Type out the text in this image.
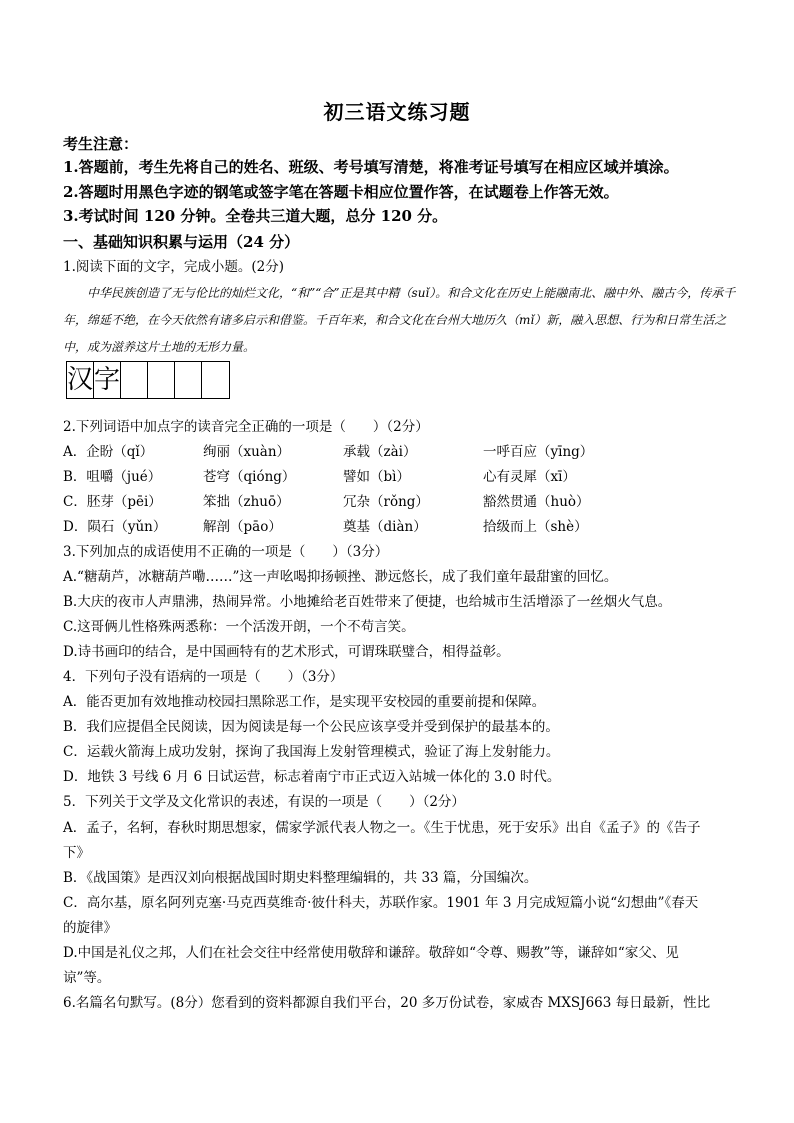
初三语文练习题
考生注意：
1.答题前，考生先将自己的姓名、班级、考号填写清楚，将准考证号填写在相应区域并填涂。
2.答题时用黑色字迹的钢笔或签字笔在答题卡相应位置作答，在试题卷上作答无效。
3.考试时间 120 分钟。全卷共三道大题，总分 120 分。
一、基础知识积累与运用（24 分）
1.阅读下面的文字，完成小题。(2分)
中华民族创造了无与伦比的灿烂文化，“和”“合”正是其中精（suǐ）。和合文化在历史上能融南北、融中外、融古今，传承千年，绵延不绝，在今天依然有诸多启示和借鉴。千百年来，和合文化在台州大地历久（mǐ）新，融入思想、行为和日常生活之中，成为滋养这片土地的无形力量。
汉 字
2.下列词语中加点字的读音完全正确的一项是（　　）（2分）
A．企盼（qǐ）	绚丽（xuàn）	承载（zài）	一呼百应（yīng）
B．咀嚼（jué）	苍穹（qióng）	譬如（bì）	心有灵犀（xī）
C．胚芽（pēi）	笨拙（zhuō）	冗杂（rǒng）	豁然贯通（huò）
D．陨石（yǔn）	解剖（pāo）	奠基（diàn）	拾级而上（shè）
3.下列加点的成语使用不正确的一项是（　　）（3分）
A.“糖葫芦，冰糖葫芦嘞……”这一声吆喝抑扬顿挫、渺远悠长，成了我们童年最甜蜜的回忆。
B.大庆的夜市人声鼎沸，热闹异常。小地摊给老百姓带来了便捷，也给城市生活增添了一丝烟火气息。
C.这哥俩儿性格殊两悉称：一个活泼开朗，一个不苟言笑。
D.诗书画印的结合，是中国画特有的艺术形式，可谓珠联璧合，相得益彰。
4．下列句子没有语病的一项是（　　）（3分）
A．能否更加有效地推动校园扫黑除恶工作，是实现平安校园的重要前提和保障。
B．我们应提倡全民阅读，因为阅读是每一个公民应该享受并受到保护的最基本的。
C．运载火箭海上成功发射，探询了我国海上发射管理模式，验证了海上发射能力。
D．地铁 3 号线 6 月 6 日试运营，标志着南宁市正式迈入站城一体化的 3.0 时代。
5．下列关于文学及文化常识的表述，有误的一项是（　　）（2分）
A．孟子，名轲，春秋时期思想家，儒家学派代表人物之一。《生于忧患，死于安乐》出自《孟子》的《告子
下》
B．《战国策》是西汉刘向根据战国时期史料整理编辑的，共 33 篇，分国编次。
C．高尔基，原名阿列克塞·马克西莫维奇·彼什科夫，苏联作家。1901 年 3 月完成短篇小说“幻想曲”《春天
的旋律》
D.中国是礼仪之邦，人们在社会交往中经常使用敬辞和谦辞。敬辞如“令尊、赐教”等，谦辞如“家父、见
谅”等。
6.名篇名句默写。(8分）您看到的资料都源自我们平台，20 多万份试卷，家威杏 MXSJ663 每日最新，性比
